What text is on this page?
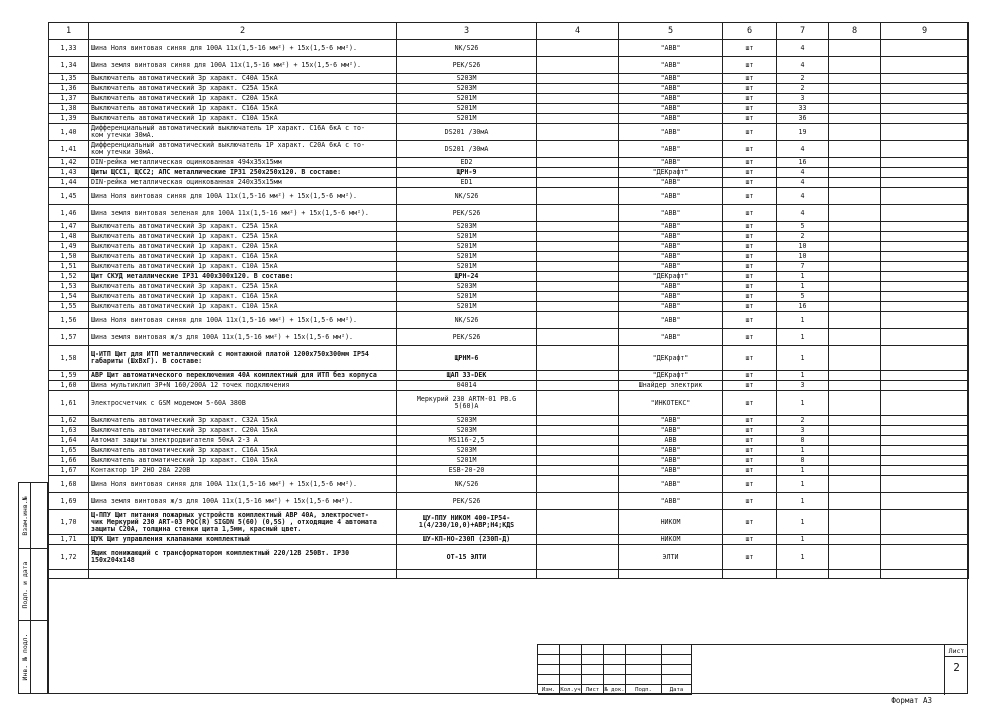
1	2	3	4	5	6	7	8	9
1,33	Шина Ноля винтовая синяя для 100А 11х(1,5-16 мм²) + 15х(1,5-6 мм²).	NK/S26		"ABB"	шт	4		
1,34	Шина земля винтовая синяя для 100А 11х(1,5-16 мм²) + 15х(1,5-6 мм²).	PEK/S26		"ABB"	шт	4		
1,35	Выключатель автоматический 3р характ. С40А 15кА	S203M		"ABB"	шт	2		
1,36	Выключатель автоматический 3р характ. С25А 15кА	S203M		"ABB"	шт	2		
1,37	Выключатель автоматический 1р характ. С20А 15кА	S201M		"ABB"	шт	3		
1,38	Выключатель автоматический 1р характ. С16А 15кА	S201M		"ABB"	шт	33		
1,39	Выключатель автоматический 1р характ. С10А 15кА	S201M		"ABB"	шт	36		
1,40	Дифференциальный автоматический выключатель 1Р характ. С16А 6кА с то-
ком утечки 30мА.	DS201 /30мА		"ABB"	шт	19		
1,41	Дифференциальный автоматический выключатель 1Р характ. С20А 6кА с то-
ком утечки 30мА.	DS201 /30мА		"ABB"	шт	4		
1,42	DIN-рейка металлическая оцинкованная 494х35х15мм	ED2		"ABB"	шт	16		
1,43	Щиты ЩСС1, ЩСС2; АПС металлические IP31 250х250х120. В составе:	ЩРН-9		"ДЕКрафт"	шт	4		
1,44	DIN-рейка металлическая оцинкованная 240х35х15мм	ED1		"ABB"	шт	4		
1,45	Шина Ноля винтовая синяя для 100А 11х(1,5-16 мм²) + 15х(1,5-6 мм²).	NK/S26		"ABB"	шт	4		
1,46	Шина земля винтовая зеленая для 100А 11х(1,5-16 мм²) + 15х(1,5-6 мм²).	PEK/S26		"ABB"	шт	4		
1,47	Выключатель автоматический 3р характ. С25А 15кА	S203M		"ABB"	шт	5		
1,48	Выключатель автоматический 1р характ. С25А 15кА	S201M		"ABB"	шт	2		
1,49	Выключатель автоматический 1р характ. С20А 15кА	S201M		"ABB"	шт	10		
1,50	Выключатель автоматический 1р характ. С16А 15кА	S201M		"ABB"	шт	10		
1,51	Выключатель автоматический 1р характ. С10А 15кА	S201M		"ABB"	шт	7		
1,52	Щит СКУД металлические IP31 400х300х120. В составе:	ЩРН-24		"ДЕКрафт"	шт	1		
1,53	Выключатель автоматический 3р характ. С25А 15кА	S203M		"ABB"	шт	1		
1,54	Выключатель автоматический 1р характ. С16А 15кА	S201M		"ABB"	шт	5		
1,55	Выключатель автоматический 1р характ. С10А 15кА	S201M		"ABB"	шт	16		
1,56	Шина Ноля винтовая синяя для 100А 11х(1,5-16 мм²) + 15х(1,5-6 мм²).	NK/S26		"ABB"	шт	1		
1,57	Шина земля винтовая ж/з для 100А 11х(1,5-16 мм²) + 15х(1,5-6 мм²).	PEK/S26		"ABB"	шт	1		
1,58	Щ-ИТП Щит для ИТП металлический с монтажной платой 1200х750х300мм IP54
габариты (ШхВхГ). В составе:	ЩРНМ-6		"ДЕКрафт"	шт	1		
1,59	АВР Щит автоматического переключения 40А комплектный для ИТП без корпуса	ЩАП 33-DEK		"ДЕКрафт"	шт	1		
1,60	Шина мультиклип 3Р+N 160/200А 12 точек подключения	04014		Шнайдер электрик	шт	3		
1,61	Электросчетчик с GSM модемом 5-60А 380В	Меркурий 230 ARTM-01 PB.G
5(60)A		"ИНКОТЕКС"	шт	1		
1,62	Выключатель автоматический 3р характ. С32А 15кА	S203M		"ABB"	шт	2		
1,63	Выключатель автоматический 3р характ. С20А 15кА	S203M		"ABB"	шт	3		
1,64	Автомат защиты электродвигателя 50кА 2-3 А	MS116-2,5		ABB	шт	8		
1,65	Выключатель автоматический 3р характ. С16А 15кА	S203M		"ABB"	шт	1		
1,66	Выключатель автоматический 1р характ. С10А 15кА	S201M		"ABB"	шт	8		
1,67	Контактор 1Р 2НО 20А 220В	ESB-20-20		"ABB"	шт	1		
1,68	Шина Ноля винтовая синяя для 100А 11х(1,5-16 мм²) + 15х(1,5-6 мм²).	NK/S26		"ABB"	шт	1		
1,69	Шина земля винтовая ж/з для 100А 11х(1,5-16 мм²) + 15х(1,5-6 мм²).	PEK/S26		"ABB"	шт	1		
1,70	Щ-ППУ Щит питания пожарных устройств комплектный АВР 40А, электросчет-
чик Меркурий 230 ART-03 PQC(R) SIGDN 5(60) (0,5S) , отходящие 4 автомата
защиты С20А, толщина стенки щита 1,5мм, красный цвет.	ЩУ-ППУ НИКОМ 400-IP54-
1(4/230/10,0)+АВР;Н4;КДS		НИКОМ	шт	1		
1,71	ЩУК Щит управления клапанами комплектный	ШУ-КП-НО-230П (230П-Д)		НИКОМ	шт	1		
1,72	Ящик понижающий с трансформатором комплектный 220/12В 250Вт. IP30
150х204х148	ОТ-15 ЭЛТИ		ЭЛТИ	шт	1		

Взам.инв.№
Подп. и дата
Инв. № подл.
Изм. Кол.уч Лист № док.	Подп.	Дата
Лист
2
Формат А3
